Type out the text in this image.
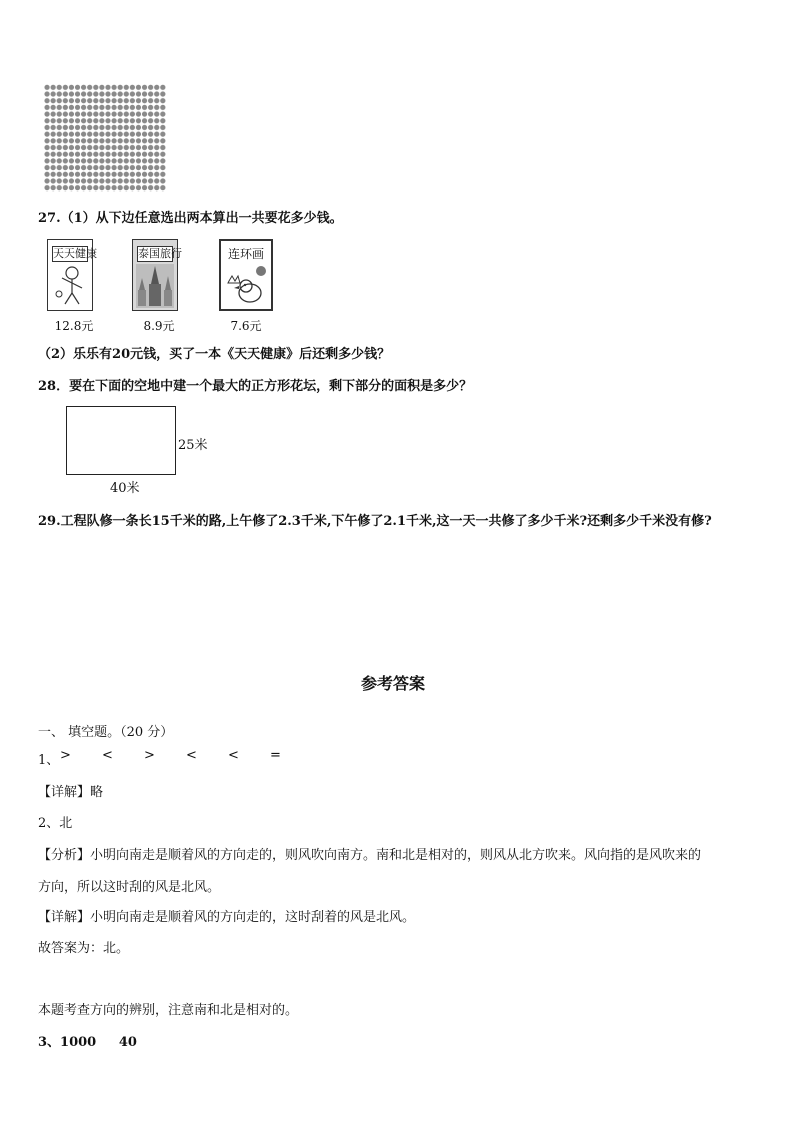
27.（1）从下边任意选出两本算出一共要花多少钱。
天天健康
12.8元
泰国旅行
8.9元
连环画
7.6元
（2）乐乐有20元钱，买了一本《天天健康》后还剩多少钱？
28．要在下面的空地中建一个最大的正方形花坛，剩下部分的面积是多少？
25米
40米
29.工程队修一条长15千米的路,上午修了2.3千米,下午修了2.1千米,这一天一共修了多少千米?还剩多少千米没有修?
参考答案
一、 填空题。（20 分）
1、 > < > < < =
【详解】略
2、北
【分析】小明向南走是顺着风的方向走的，则风吹向南方。南和北是相对的，则风从北方吹来。风向指的是风吹来的
方向，所以这时刮的风是北风。
【详解】小明向南走是顺着风的方向走的，这时刮着的风是北风。
故答案为：北。
本题考查方向的辨别，注意南和北是相对的。
3、1000     40
